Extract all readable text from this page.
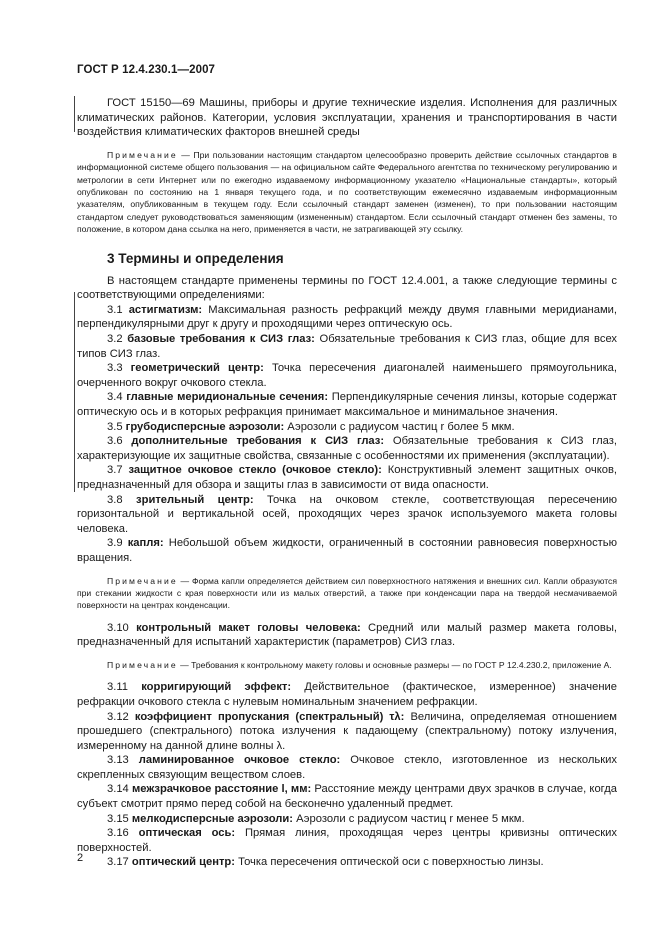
ГОСТ Р 12.4.230.1—2007

ГОСТ 15150—69 Машины, приборы и другие технические изделия. Исполнения для различных климатических районов. Категории, условия эксплуатации, хранения и транспортирования в части воздействия климатических факторов внешней среды

Примечание — При пользовании настоящим стандартом целесообразно проверить действие ссылочных стандартов в информационной системе общего пользования — на официальном сайте Федерального агентства по техническому регулированию и метрологии в сети Интернет или по ежегодно издаваемому информационному указателю «Национальные стандарты», который опубликован по состоянию на 1 января текущего года, и по соответствующим ежемесячно издаваемым информационным указателям, опубликованным в текущем году. Если ссылочный стандарт заменен (изменен), то при пользовании настоящим стандартом следует руководствоваться заменяющим (измененным) стандартом. Если ссылочный стандарт отменен без замены, то положение, в котором дана ссылка на него, применяется в части, не затрагивающей эту ссылку.

3 Термины и определения

В настоящем стандарте применены термины по ГОСТ 12.4.001, а также следующие термины с соответствующими определениями:

3.1 астигматизм: Максимальная разность рефракций между двумя главными меридианами, перпендикулярными друг к другу и проходящими через оптическую ось.

3.2 базовые требования к СИЗ глаз: Обязательные требования к СИЗ глаз, общие для всех типов СИЗ глаз.

3.3 геометрический центр: Точка пересечения диагоналей наименьшего прямоугольника, очерченного вокруг очкового стекла.

3.4 главные меридиональные сечения: Перпендикулярные сечения линзы, которые содержат оптическую ось и в которых рефракция принимает максимальное и минимальное значения.

3.5 грубодисперсные аэрозоли: Аэрозоли с радиусом частиц r более 5 мкм.

3.6 дополнительные требования к СИЗ глаз: Обязательные требования к СИЗ глаз, характеризующие их защитные свойства, связанные с особенностями их применения (эксплуатации).

3.7 защитное очковое стекло (очковое стекло): Конструктивный элемент защитных очков, предназначенный для обзора и защиты глаз в зависимости от вида опасности.

3.8 зрительный центр: Точка на очковом стекле, соответствующая пересечению горизонтальной и вертикальной осей, проходящих через зрачок используемого макета головы человека.

3.9 капля: Небольшой объем жидкости, ограниченный в состоянии равновесия поверхностью вращения.

Примечание — Форма капли определяется действием сил поверхностного натяжения и внешних сил. Капли образуются при стекании жидкости с края поверхности или из малых отверстий, а также при конденсации пара на твердой несмачиваемой поверхности на центрах конденсации.

3.10 контрольный макет головы человека: Средний или малый размер макета головы, предназначенный для испытаний характеристик (параметров) СИЗ глаз.

Примечание — Требования к контрольному макету головы и основные размеры — по ГОСТ Р 12.4.230.2, приложение А.

3.11 корригирующий эффект: Действительное (фактическое, измеренное) значение рефракции очкового стекла с нулевым номинальным значением рефракции.

3.12 коэффициент пропускания (спектральный) τλ: Величина, определяемая отношением прошедшего (спектрального) потока излучения к падающему (спектральному) потоку излучения, измеренному на данной длине волны λ.

3.13 ламинированное очковое стекло: Очковое стекло, изготовленное из нескольких скрепленных связующим веществом слоев.

3.14 межзрачковое расстояние l, мм: Расстояние между центрами двух зрачков в случае, когда субъект смотрит прямо перед собой на бесконечно удаленный предмет.

3.15 мелкодисперсные аэрозоли: Аэрозоли с радиусом частиц r менее 5 мкм.

3.16 оптическая ось: Прямая линия, проходящая через центры кривизны оптических поверхностей.

3.17 оптический центр: Точка пересечения оптической оси с поверхностью линзы.

2
